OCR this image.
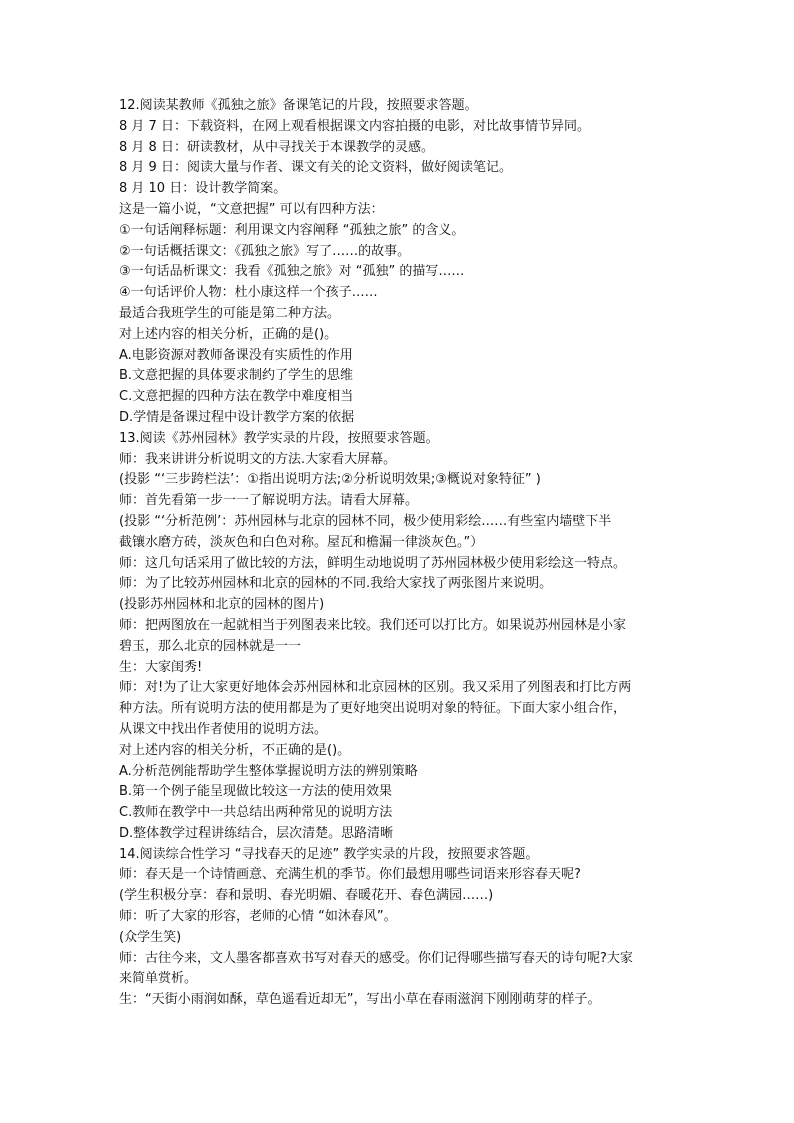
12.阅读某教师《孤独之旅》备课笔记的片段，按照要求答题。
8 月 7 日：下载资料，在网上观看根据课文内容拍摄的电影，对比故事情节异同。
8 月 8 日：研读教材，从中寻找关于本课教学的灵感。
8 月 9 日：阅读大量与作者、课文有关的论文资料，做好阅读笔记。
8 月 10 日：设计教学简案。
这是一篇小说，“文意把握” 可以有四种方法：
①一句话阐释标题：利用课文内容阐释 “孤独之旅” 的含义。
②一句话概括课文：《孤独之旅》写了……的故事。
③一句话品析课文：我看《孤独之旅》对 “孤独” 的描写……
④一句话评价人物：杜小康这样一个孩子……
最适合我班学生的可能是第二种方法。
对上述内容的相关分析，正确的是()。
A.电影资源对教师备课没有实质性的作用
B.文意把握的具体要求制约了学生的思维
C.文意把握的四种方法在教学中难度相当
D.学情是备课过程中设计教学方案的依据
13.阅读《苏州园林》教学实录的片段，按照要求答题。
师：我来讲讲分析说明文的方法.大家看大屏幕。
(投影 “‘三步跨栏法’：①指出说明方法;②分析说明效果;③概说对象特征” )
师：首先看第一步一一了解说明方法。请看大屏幕。
(投影 “‘分析范例’：苏州园林与北京的园林不同，极少使用彩绘……有些室内墙壁下半
截镶水磨方砖，淡灰色和白色对称。屋瓦和檐漏一律淡灰色。”）
师：这几句话采用了做比较的方法，鲜明生动地说明了苏州园林极少使用彩绘这一特点。
师：为了比较苏州园林和北京的园林的不同.我给大家找了两张图片来说明。
(投影苏州园林和北京的园林的图片)
师：把两图放在一起就相当于列图表来比较。我们还可以打比方。如果说苏州园林是小家
碧玉，那么北京的园林就是一一
生：大家闺秀!
师：对!为了让大家更好地体会苏州园林和北京园林的区别。我又采用了列图表和打比方两
种方法。所有说明方法的使用都是为了更好地突出说明对象的特征。下面大家小组合作，
从课文中找出作者使用的说明方法。
对上述内容的相关分析，不正确的是()。
A.分析范例能帮助学生整体掌握说明方法的辨别策略
B.第一个例子能呈现做比较这一方法的使用效果
C.教师在教学中一共总结出两种常见的说明方法
D.整体教学过程讲练结合，层次清楚。思路清晰
14.阅读综合性学习 “寻找春天的足迹” 教学实录的片段，按照要求答题。
师：春天是一个诗情画意、充满生机的季节。你们最想用哪些词语来形容春天呢?
(学生积极分享：春和景明、春光明媚、春暖花开、春色满园……)
师：听了大家的形容，老师的心情 “如沐春风”。
(众学生笑)
师：古往今来，文人墨客都喜欢书写对春天的感受。你们记得哪些描写春天的诗句呢?大家
来简单赏析。
生：“天街小雨润如酥，草色遥看近却无”，写出小草在春雨滋润下刚刚萌芽的样子。
